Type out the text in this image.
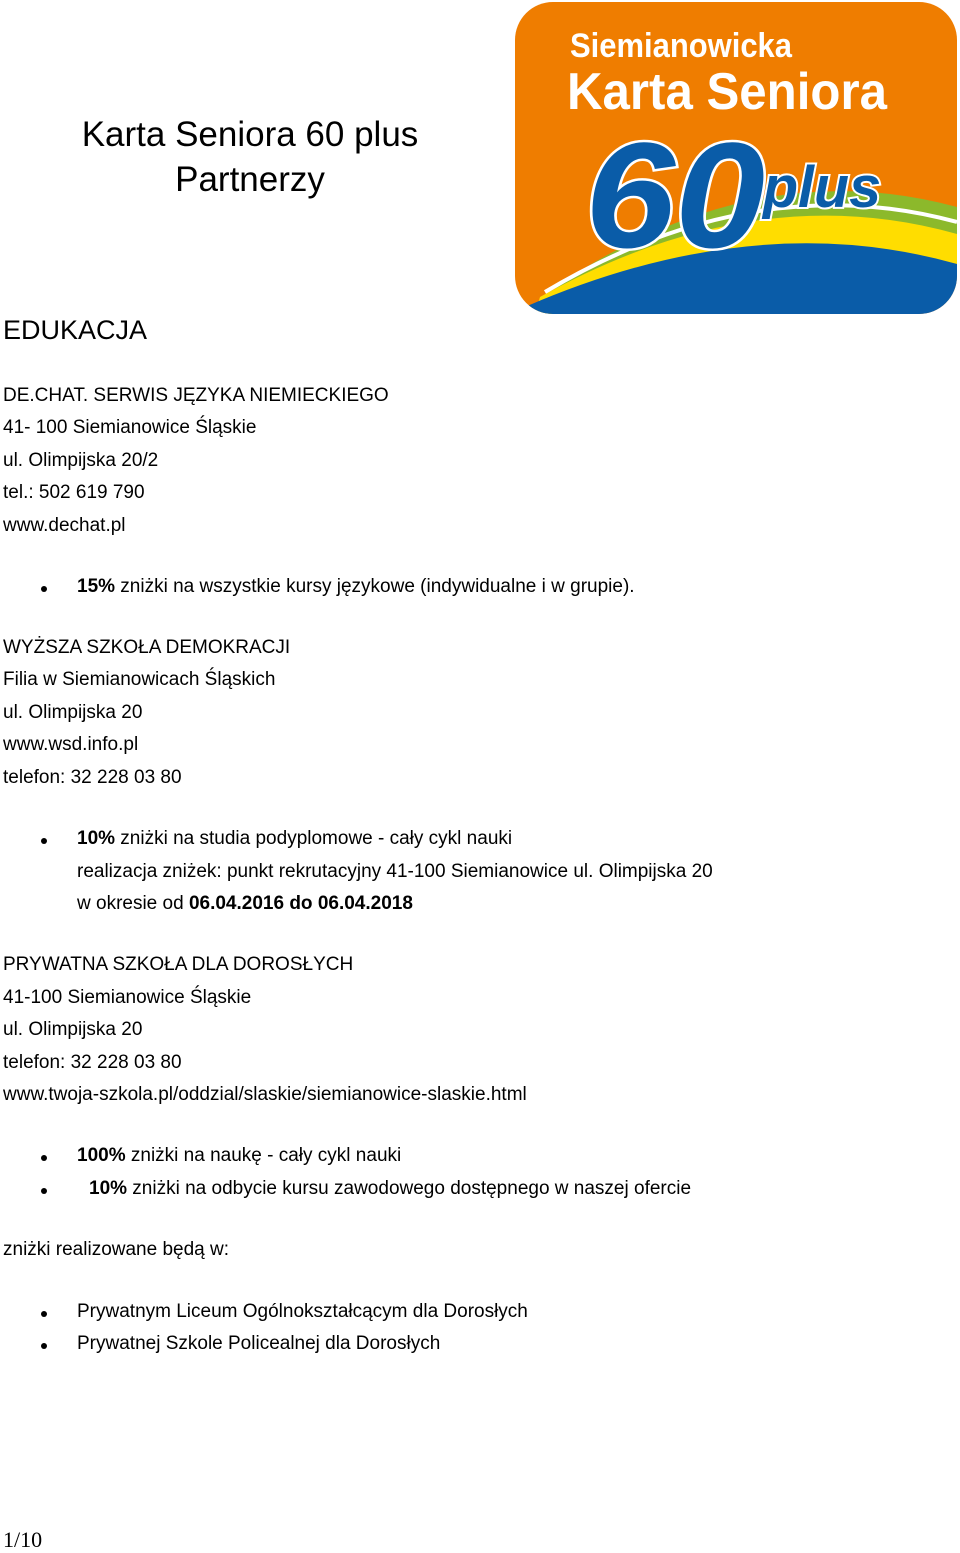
Karta Seniora 60 plus
Partnerzy
Siemianowicka
Karta Seniora
60
plus
EDUKACJA
DE.CHAT. SERWIS JĘZYKA NIEMIECKIEGO
41- 100 Siemianowice Śląskie
ul. Olimpijska 20/2
tel.: 502 619 790
www.dechat.pl
15% zniżki na wszystkie kursy językowe (indywidualne i w grupie).
WYŻSZA SZKOŁA DEMOKRACJI
Filia w Siemianowicach Śląskich
ul. Olimpijska 20
www.wsd.info.pl
telefon: 32 228 03 80
10% zniżki na studia podyplomowe - cały cykl nauki
realizacja zniżek: punkt rekrutacyjny 41-100 Siemianowice ul. Olimpijska 20
w okresie od 06.04.2016 do 06.04.2018
PRYWATNA SZKOŁA DLA DOROSŁYCH
41-100 Siemianowice Śląskie
ul. Olimpijska 20
telefon: 32 228 03 80
www.twoja-szkola.pl/oddzial/slaskie/siemianowice-slaskie.html
100% zniżki na naukę - cały cykl nauki
10% zniżki na odbycie kursu zawodowego dostępnego w naszej ofercie
zniżki realizowane będą w:
Prywatnym Liceum Ogólnokształcącym dla Dorosłych
Prywatnej Szkole Policealnej dla Dorosłych
1/10
